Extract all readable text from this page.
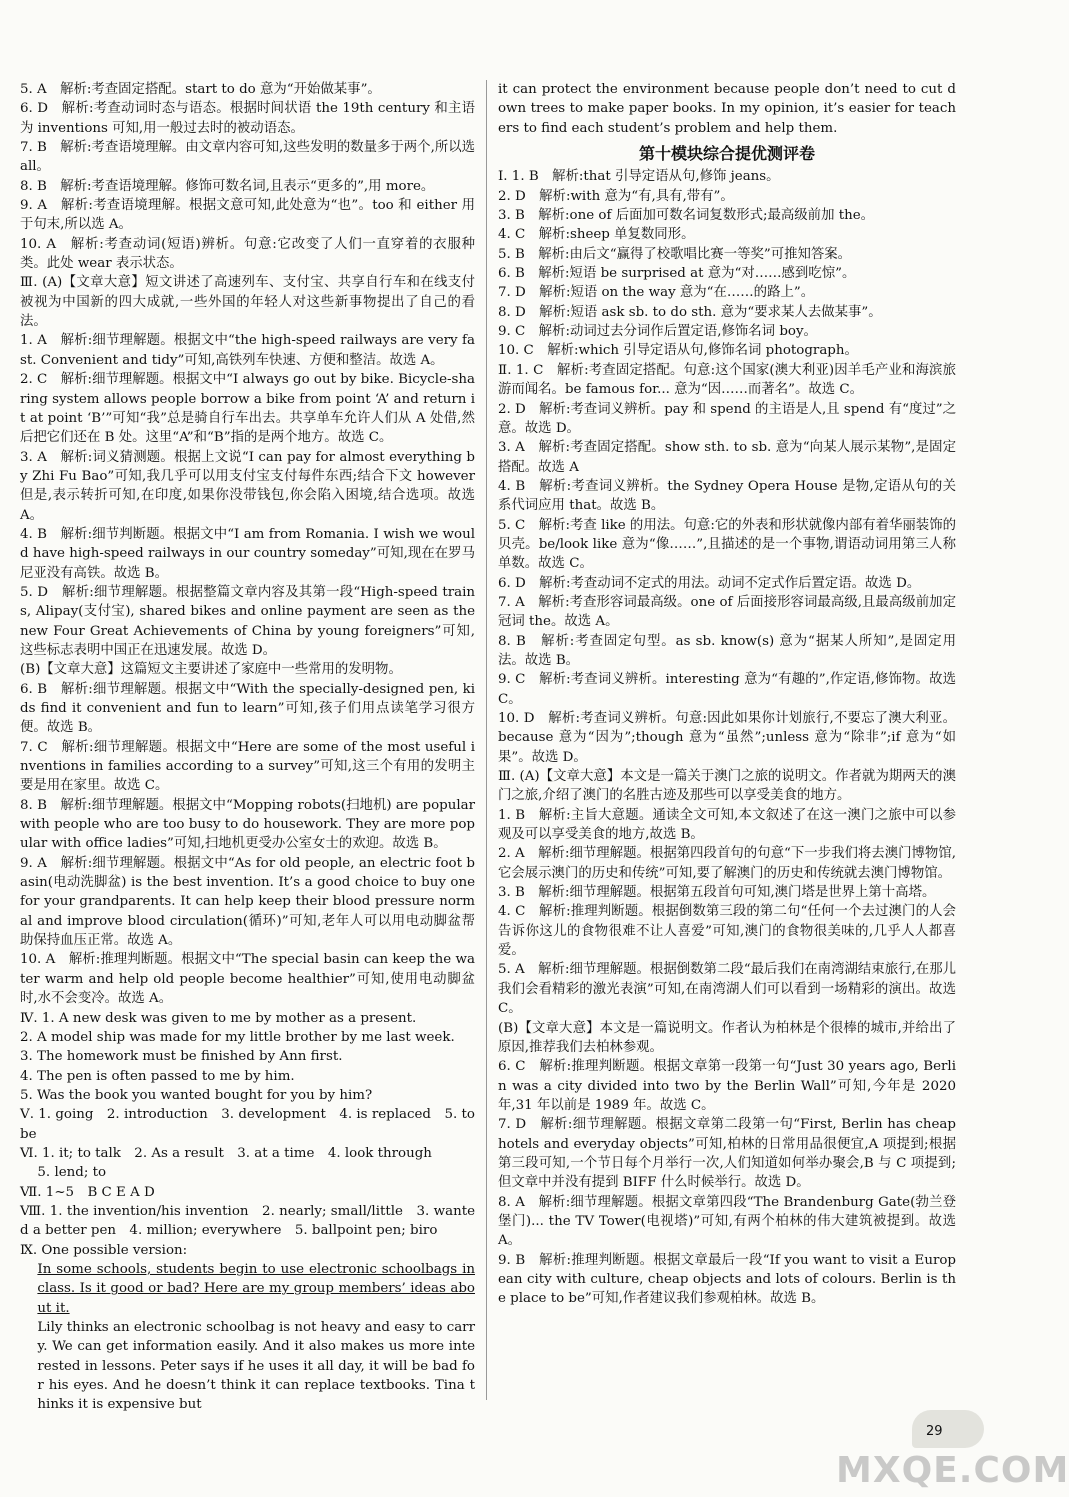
5. A　解析:考查固定搭配。start to do 意为“开始做某事”。

6. D　解析:考查动词时态与语态。根据时间状语 the 19th century 和主语为 inventions 可知,用一般过去时的被动语态。

7. B　解析:考查语境理解。由文章内容可知,这些发明的数量多于两个,所以选 all。

8. B　解析:考查语境理解。修饰可数名词,且表示“更多的”,用 more。

9. A　解析:考查语境理解。根据文意可知,此处意为“也”。too 和 either 用于句末,所以选 A。

10. A　解析:考查动词(短语)辨析。句意:它改变了人们一直穿着的衣服种类。此处 wear 表示状态。

Ⅲ. (A)【文章大意】短文讲述了高速列车、支付宝、共享自行车和在线支付被视为中国新的四大成就,一些外国的年轻人对这些新事物提出了自己的看法。

1. A　解析:细节理解题。根据文中“the high-speed railways are very fast. Convenient and tidy”可知,高铁列车快速、方便和整洁。故选 A。

2. C　解析:细节理解题。根据文中“I always go out by bike. Bicycle-sharing system allows people borrow a bike from point ‘A’ and return it at point ‘B’”可知“我”总是骑自行车出去。共享单车允许人们从 A 处借,然后把它们还在 B 处。这里“A”和“B”指的是两个地方。故选 C。

3. A　解析:词义猜测题。根据上文说“I can pay for almost everything by Zhi Fu Bao”可知,我几乎可以用支付宝支付每件东西;结合下文 however 但是,表示转折可知,在印度,如果你没带钱包,你会陷入困境,结合选项。故选 A。

4. B　解析:细节判断题。根据文中“I am from Romania. I wish we would have high-speed railways in our country someday”可知,现在在罗马尼亚没有高铁。故选 B。

5. D　解析:细节理解题。根据整篇文章内容及其第一段“High-speed trains, Alipay(支付宝), shared bikes and online payment are seen as the new Four Great Achievements of China by young foreigners”可知,这些标志表明中国正在迅速发展。故选 D。

(B)【文章大意】这篇短文主要讲述了家庭中一些常用的发明物。

6. B　解析:细节理解题。根据文中“With the specially-designed pen, kids find it convenient and fun to learn”可知,孩子们用点读笔学习很方便。故选 B。

7. C　解析:细节理解题。根据文中“Here are some of the most useful inventions in families according to a survey”可知,这三个有用的发明主要是用在家里。故选 C。

8. B　解析:细节理解题。根据文中“Mopping robots(扫地机) are popular with people who are too busy to do housework. They are more popular with office ladies”可知,扫地机更受办公室女士的欢迎。故选 B。

9. A　解析:细节理解题。根据文中“As for old people, an electric foot basin(电动洗脚盆) is the best invention. It’s a good choice to buy one for your grandparents. It can help keep their blood pressure normal and improve blood circulation(循环)”可知,老年人可以用电动脚盆帮助保持血压正常。故选 A。

10. A　解析:推理判断题。根据文中“The special basin can keep the water warm and help old people become healthier”可知,使用电动脚盆时,水不会变冷。故选 A。

Ⅳ. 1. A new desk was given to me by mother as a present.

2. A model ship was made for my little brother by me last week.

3. The homework must be finished by Ann first.

4. The pen is often passed to me by him.

5. Was the book you wanted bought for you by him?

Ⅴ. 1. going　2. introduction　3. development　4. is replaced　5. to be

Ⅵ. 1. it; to talk　2. As a result　3. at a time　4. look through

5. lend; to

Ⅶ. 1~5　B C E A D

Ⅷ. 1. the invention/his invention　2. nearly; small/little　3. wanted a better pen　4. million; everywhere　5. ballpoint pen; biro

Ⅸ. One possible version:

In some schools, students begin to use electronic schoolbags in class. Is it good or bad? Here are my group members’ ideas about it.

Lily thinks an electronic schoolbag is not heavy and easy to carry. We can get information easily. And it also makes us more interested in lessons. Peter says if he uses it all day, it will be bad for his eyes. And he doesn’t think it can replace textbooks. Tina thinks it is expensive but

it can protect the environment because people don’t need to cut down trees to make paper books. In my opinion, it’s easier for teachers to find each student’s problem and help them.

第十模块综合提优测评卷

Ⅰ. 1. B　解析:that 引导定语从句,修饰 jeans。

2. D　解析:with 意为“有,具有,带有”。

3. B　解析:one of 后面加可数名词复数形式;最高级前加 the。

4. C　解析:sheep 单复数同形。

5. B　解析:由后文“赢得了校歌唱比赛一等奖”可推知答案。

6. B　解析:短语 be surprised at 意为“对……感到吃惊”。

7. D　解析:短语 on the way 意为“在……的路上”。

8. D　解析:短语 ask sb. to do sth. 意为“要求某人去做某事”。

9. C　解析:动词过去分词作后置定语,修饰名词 boy。

10. C　解析:which 引导定语从句,修饰名词 photograph。

Ⅱ. 1. C　解析:考查固定搭配。句意:这个国家(澳大利亚)因羊毛产业和海滨旅游而闻名。be famous for... 意为“因……而著名”。故选 C。

2. D　解析:考查词义辨析。pay 和 spend 的主语是人,且 spend 有“度过”之意。故选 D。

3. A　解析:考查固定搭配。show sth. to sb. 意为“向某人展示某物”,是固定搭配。故选 A

4. B　解析:考查词义辨析。the Sydney Opera House 是物,定语从句的关系代词应用 that。故选 B。

5. C　解析:考查 like 的用法。句意:它的外表和形状就像内部有着华丽装饰的贝壳。be/look like 意为“像……”,且描述的是一个事物,谓语动词用第三人称单数。故选 C。

6. D　解析:考查动词不定式的用法。动词不定式作后置定语。故选 D。

7. A　解析:考查形容词最高级。one of 后面接形容词最高级,且最高级前加定冠词 the。故选 A。

8. B　解析:考查固定句型。as sb. know(s) 意为“据某人所知”,是固定用法。故选 B。

9. C　解析:考查词义辨析。interesting 意为“有趣的”,作定语,修饰物。故选 C。

10. D　解析:考查词义辨析。句意:因此如果你计划旅行,不要忘了澳大利亚。because 意为“因为”;though 意为“虽然”;unless 意为“除非”;if 意为“如果”。故选 D。

Ⅲ. (A)【文章大意】本文是一篇关于澳门之旅的说明文。作者就为期两天的澳门之旅,介绍了澳门的名胜古迹及那些可以享受美食的地方。

1. B　解析:主旨大意题。通读全文可知,本文叙述了在这一澳门之旅中可以参观及可以享受美食的地方,故选 B。

2. A　解析:细节理解题。根据第四段首句的句意“下一步我们将去澳门博物馆,它会展示澳门的历史和传统”可知,要了解澳门的历史和传统就去澳门博物馆。

3. B　解析:细节理解题。根据第五段首句可知,澳门塔是世界上第十高塔。

4. C　解析:推理判断题。根据倒数第三段的第二句“任何一个去过澳门的人会告诉你这儿的食物很难不让人喜爱”可知,澳门的食物很美味的,几乎人人都喜爱。

5. A　解析:细节理解题。根据倒数第二段“最后我们在南湾湖结束旅行,在那儿我们会看精彩的激光表演”可知,在南湾湖人们可以看到一场精彩的演出。故选 C。

(B)【文章大意】本文是一篇说明文。作者认为柏林是个很棒的城市,并给出了原因,推荐我们去柏林参观。

6. C　解析:推理判断题。根据文章第一段第一句“Just 30 years ago, Berlin was a city divided into two by the Berlin Wall”可知,今年是 2020 年,31 年以前是 1989 年。故选 C。

7. D　解析:细节理解题。根据文章第二段第一句“First, Berlin has cheap hotels and everyday objects”可知,柏林的日常用品很便宜,A 项提到;根据第三段可知,一个节日每个月举行一次,人们知道如何举办聚会,B 与 C 项提到;但文章中并没有提到 BIFF 什么时候举行。故选 D。

8. A　解析:细节理解题。根据文章第四段“The Brandenburg Gate(勃兰登堡门)... the TV Tower(电视塔)”可知,有两个柏林的伟大建筑被提到。故选 A。

9. B　解析:推理判断题。根据文章最后一段“If you want to visit a European city with culture, cheap objects and lots of colours. Berlin is the place to be”可知,作者建议我们参观柏林。故选 B。

29
MXQE.COM
